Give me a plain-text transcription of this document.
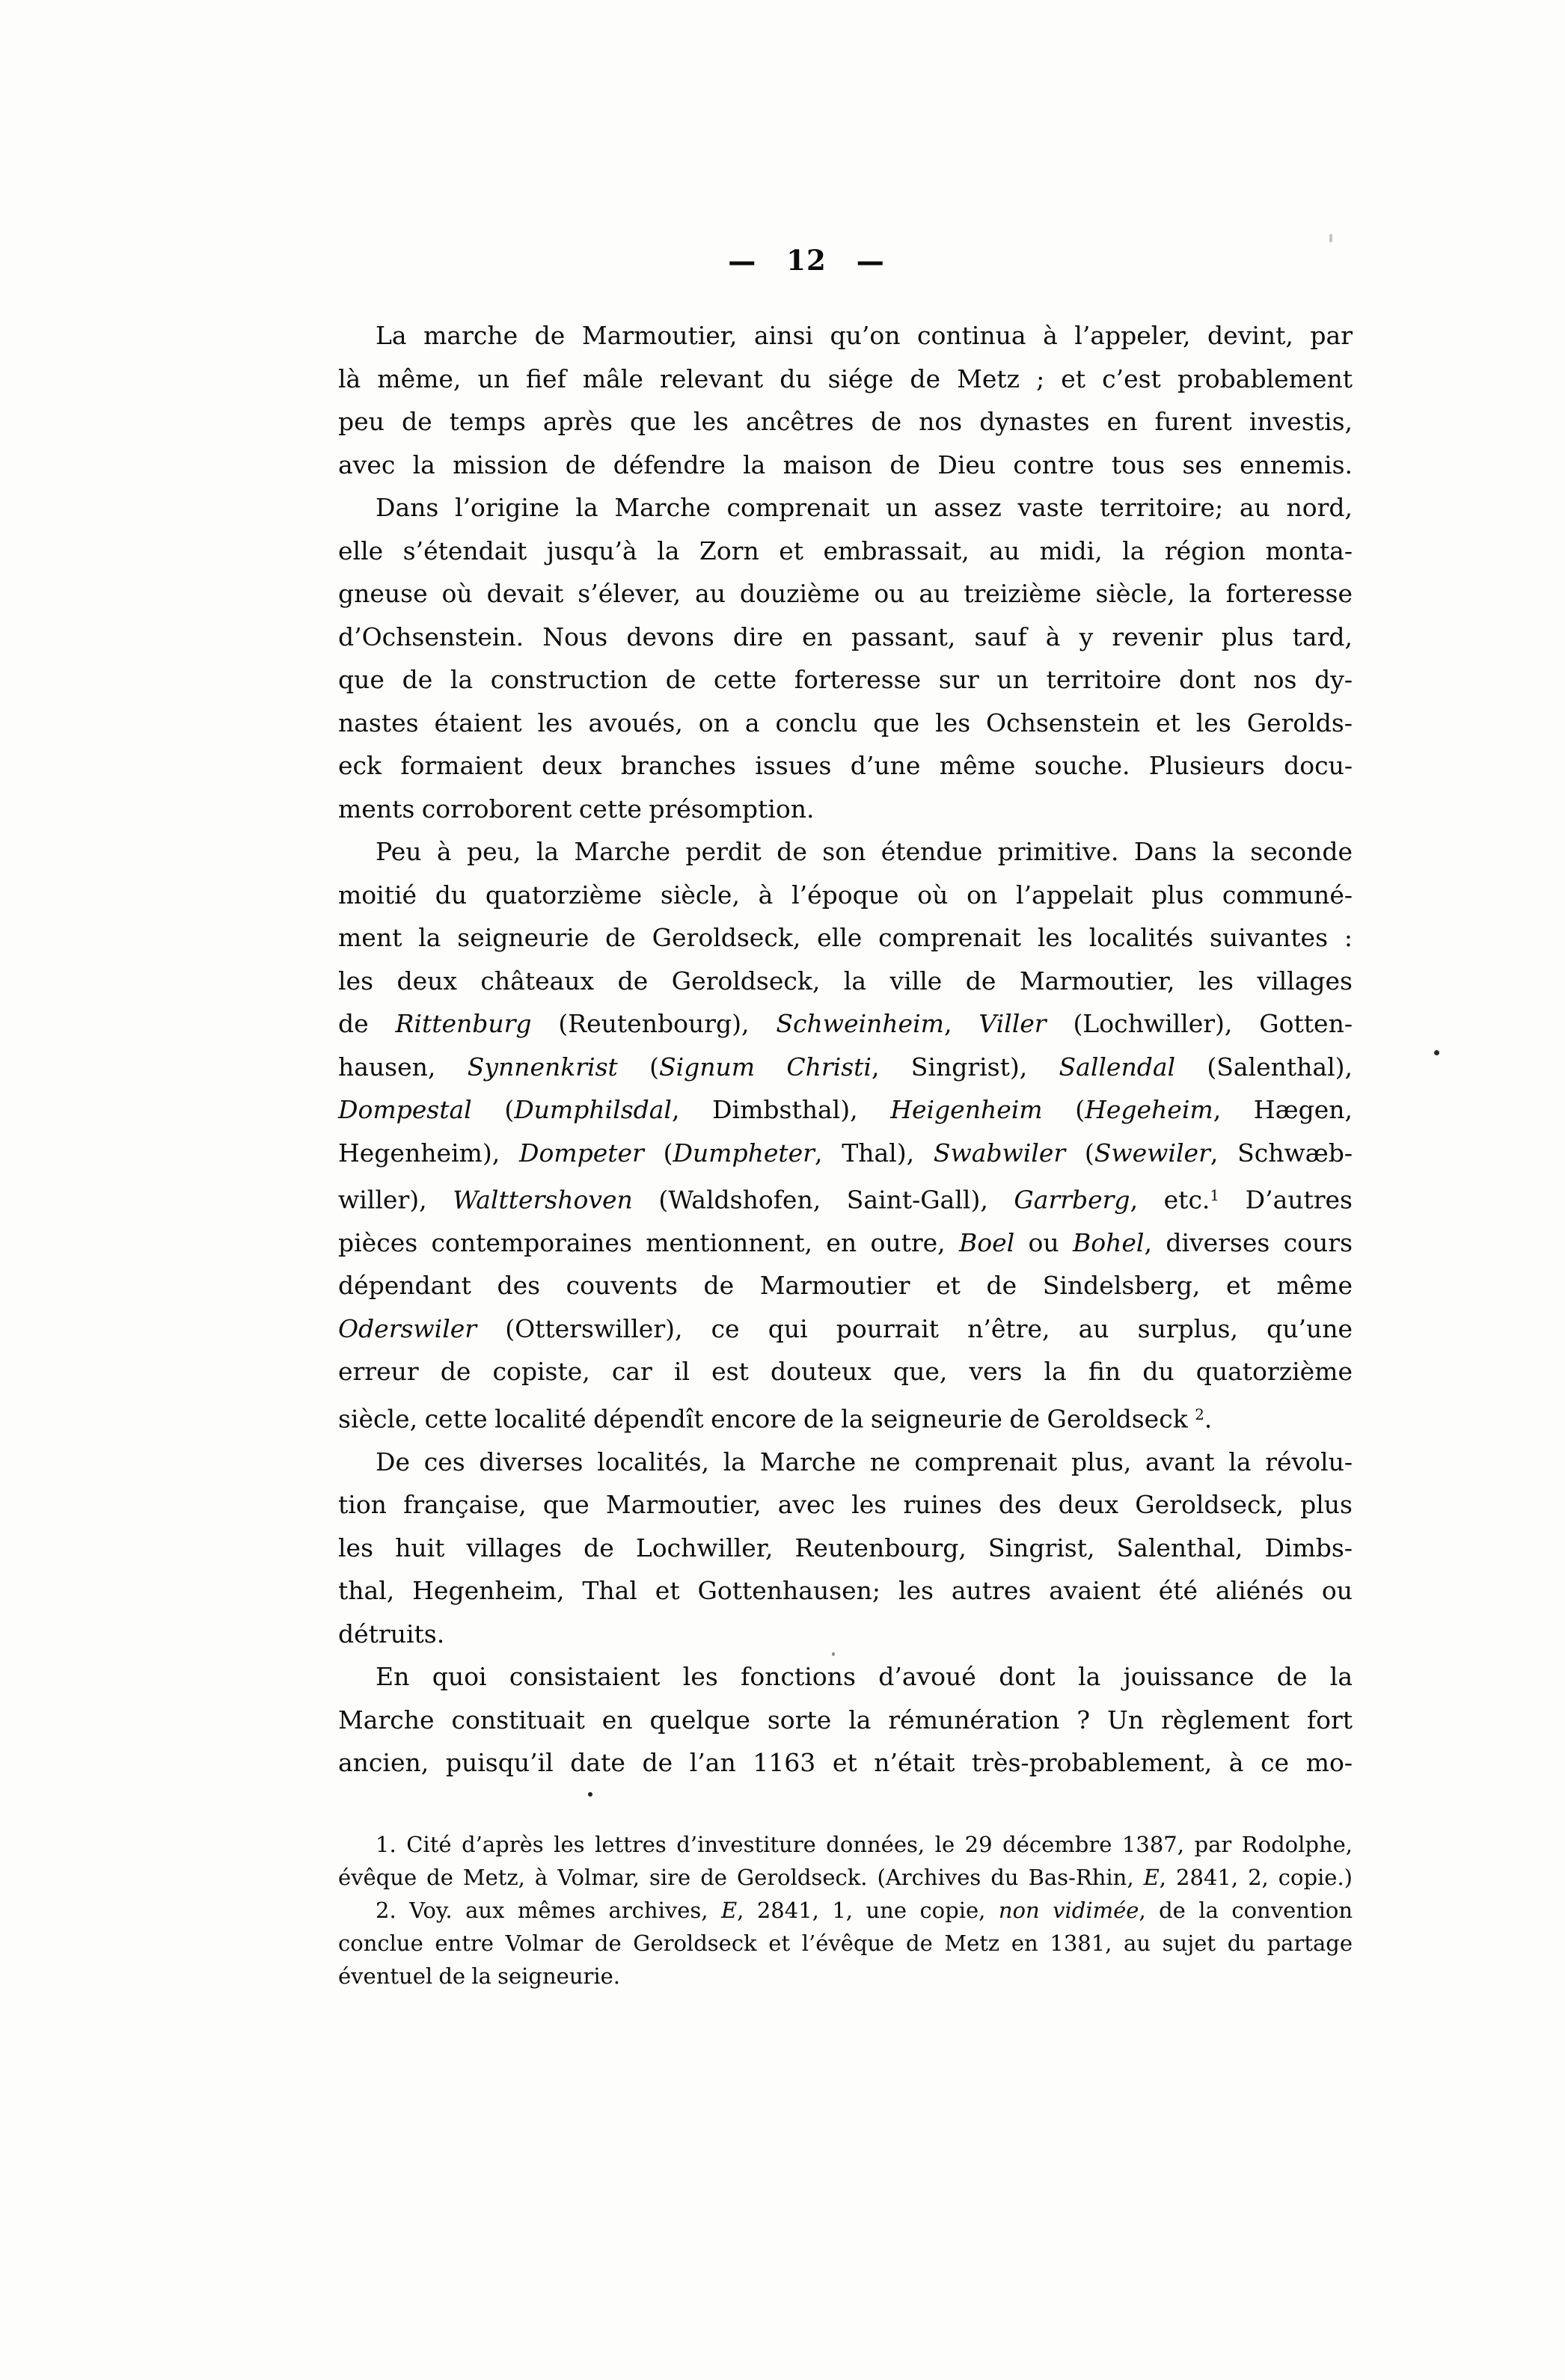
— 12 —
La marche de Marmoutier, ainsi qu’on continua à l’appeler, devint, par
là même, un fief mâle relevant du siége de Metz ; et c’est probablement
peu de temps après que les ancêtres de nos dynastes en furent investis,
avec la mission de défendre la maison de Dieu contre tous ses ennemis.
Dans l’origine la Marche comprenait un assez vaste territoire; au nord,
elle s’étendait jusqu’à la Zorn et embrassait, au midi, la région monta-
gneuse où devait s’élever, au douzième ou au treizième siècle, la forteresse
d’Ochsenstein. Nous devons dire en passant, sauf à y revenir plus tard,
que de la construction de cette forteresse sur un territoire dont nos dy-
nastes étaient les avoués, on a conclu que les Ochsenstein et les Gerolds-
eck formaient deux branches issues d’une même souche. Plusieurs docu-
ments corroborent cette présomption.
Peu à peu, la Marche perdit de son étendue primitive. Dans la seconde
moitié du quatorzième siècle, à l’époque où on l’appelait plus communé-
ment la seigneurie de Geroldseck, elle comprenait les localités suivantes :
les deux châteaux de Geroldseck, la ville de Marmoutier, les villages
de Rittenburg (Reutenbourg), Schweinheim, Viller (Lochwiller), Gotten-
hausen, Synnenkrist (Signum Christi, Singrist), Sallendal (Salenthal),
Dompestal (Dumphilsdal, Dimbsthal), Heigenheim (Hegeheim, Hægen,
Hegenheim), Dompeter (Dumpheter, Thal), Swabwiler (Swewiler, Schwæb-
willer), Walttershoven (Waldshofen, Saint-Gall), Garrberg, etc.$^1$ D’autres
pièces contemporaines mentionnent, en outre, Boel ou Bohel, diverses cours
dépendant des couvents de Marmoutier et de Sindelsberg, et même
Oderswiler (Otterswiller), ce qui pourrait n’être, au surplus, qu’une
erreur de copiste, car il est douteux que, vers la fin du quatorzième
siècle, cette localité dépendît encore de la seigneurie de Geroldseck $^2$.
De ces diverses localités, la Marche ne comprenait plus, avant la révolu-
tion française, que Marmoutier, avec les ruines des deux Geroldseck, plus
les huit villages de Lochwiller, Reutenbourg, Singrist, Salenthal, Dimbs-
thal, Hegenheim, Thal et Gottenhausen; les autres avaient été aliénés ou
détruits.
En quoi consistaient les fonctions d’avoué dont la jouissance de la
Marche constituait en quelque sorte la rémunération ? Un règlement fort
ancien, puisqu’il date de l’an 1163 et n’était très-probablement, à ce mo-
1. Cité d’après les lettres d’investiture données, le 29 décembre 1387, par Rodolphe,
évêque de Metz, à Volmar, sire de Geroldseck. (Archives du Bas-Rhin, E, 2841, 2, copie.)
2. Voy. aux mêmes archives, E, 2841, 1, une copie, non vidimée, de la convention
conclue entre Volmar de Geroldseck et l’évêque de Metz en 1381, au sujet du partage
éventuel de la seigneurie.
